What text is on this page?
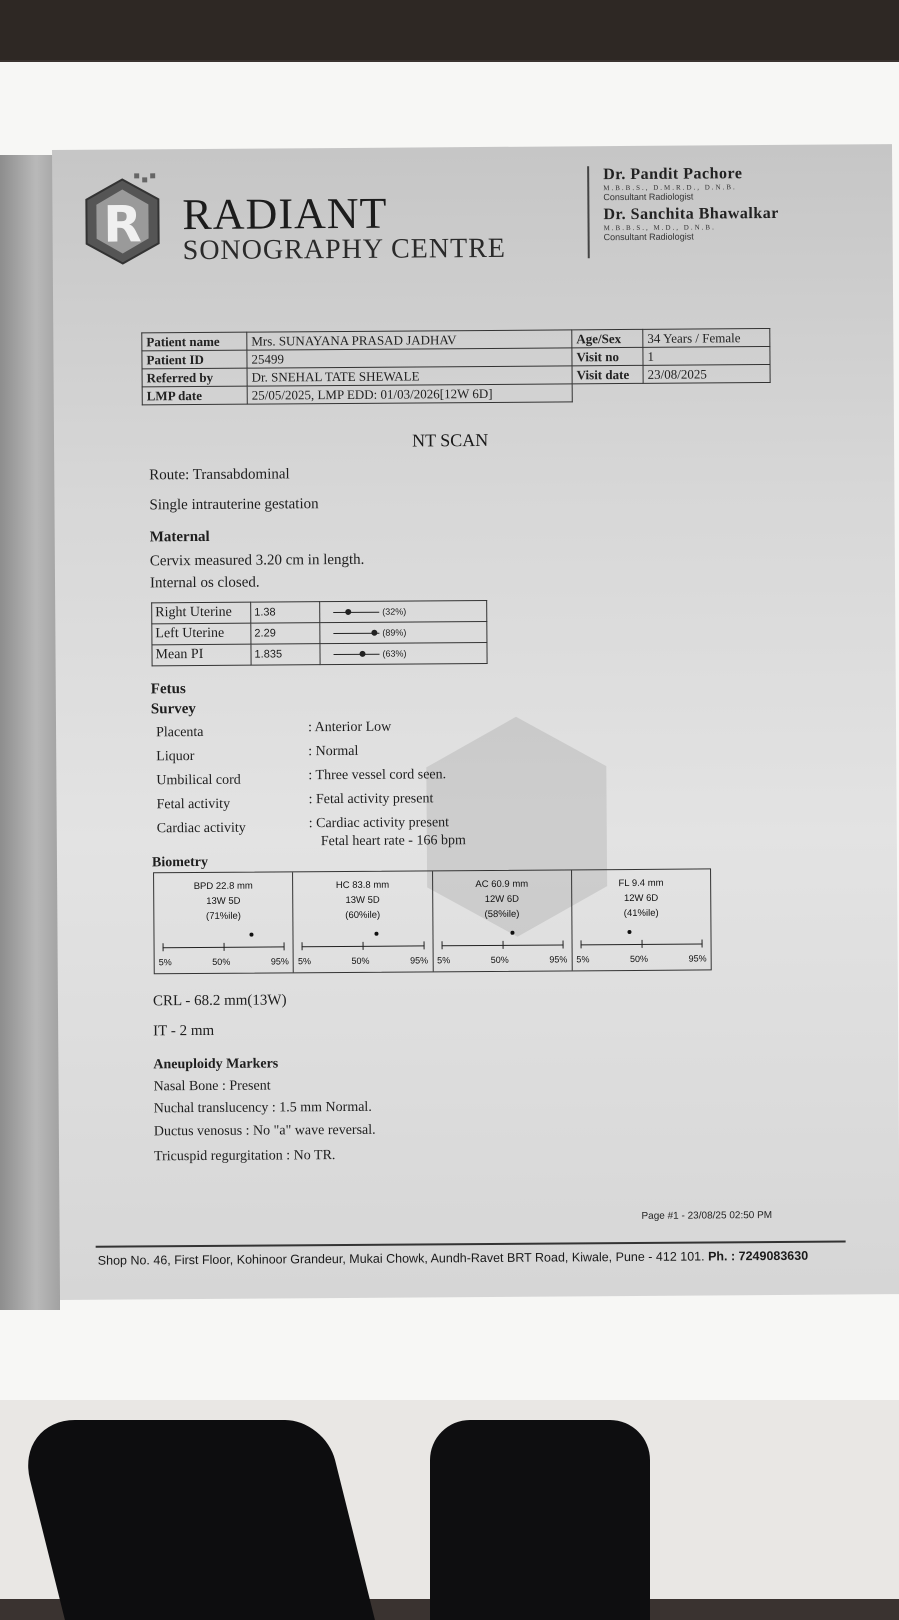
R RADIANT
SONOGRAPHY CENTRE
Dr. Pandit Pachore
M.B.B.S., D.M.R.D., D.N.B.
Consultant Radiologist
Dr. Sanchita Bhawalkar
M.B.B.S., M.D., D.N.B.
Consultant Radiologist
Patient name	Mrs. SUNAYANA PRASAD JADHAV	Age/Sex	34 Years / Female
Patient ID	25499	Visit no	1
Referred by	Dr. SNEHAL TATE SHEWALE	Visit date	23/08/2025
LMP date	25/05/2025, LMP EDD: 01/03/2026[12W 6D]		
NT SCAN
Route: Transabdominal
Single intrauterine gestation
Maternal
Cervix measured 3.20 cm in length.
Internal os closed.
Right Uterine	1.38	(32%)
Left Uterine	2.29	(89%)
Mean PI	1.835	(63%)
Fetus
Survey
Placenta	: Anterior Low
Liquor	: Normal
Umbilical cord	: Three vessel cord seen.
Fetal activity	: Fetal activity present
Cardiac activity	: Cardiac activity present
Fetal heart rate - 166 bpm
Biometry
BPD 22.8 mm
13W 5D
(71%ile)
5%	50%	95%
HC 83.8 mm
13W 5D
(60%ile)
5%	50%	95%
AC 60.9 mm
12W 6D
(58%ile)
5%	50%	95%
FL 9.4 mm
12W 6D
(41%ile)
5%	50%	95%
CRL - 68.2 mm(13W)
IT - 2 mm
Aneuploidy Markers
Nasal Bone : Present
Nuchal translucency : 1.5 mm Normal.
Ductus venosus : No "a" wave reversal.
Tricuspid regurgitation : No TR.
Page #1 - 23/08/25 02:50 PM
Shop No. 46, First Floor, Kohinoor Grandeur, Mukai Chowk, Aundh-Ravet BRT Road, Kiwale, Pune - 412 101. Ph. : 7249083630
